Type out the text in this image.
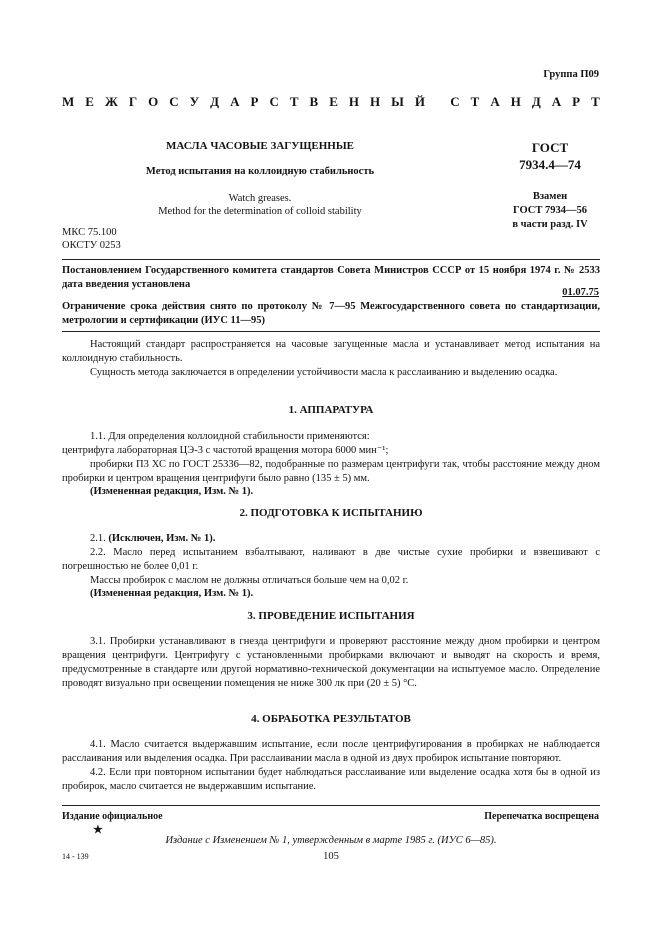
Группа П09
М Е Ж Г О С У Д А Р С Т В Е Н Н Ы Й
С Т А Н Д А Р Т
МАСЛА ЧАСОВЫЕ ЗАГУЩЕННЫЕ
Метод испытания на коллоидную стабильность
Watch greases.
Method for the determination of colloid stability
ГОСТ
7934.4—74
Взамен
ГОСТ 7934—56
в части разд. IV
МКС 75.100
ОКСТУ 0253
Постановлением Государственного комитета стандартов Совета Министров СССР от 15 ноября 1974 г. № 2533 дата введения установлена
01.07.75
Ограничение срока действия снято по протоколу № 7—95 Межгосударственного совета по стандартизации, метрологии и сертификации (ИУС 11—95)

Настоящий стандарт распространяется на часовые загущенные масла и устанавливает метод испытания на коллоидную стабильность.

Сущность метода заключается в определении устойчивости масла к расслаиванию и выделению осадка.

1. АППАРАТУРА

1.1. Для определения коллоидной стабильности применяются:

центрифуга лабораторная ЦЭ-3 с частотой вращения мотора 6000 мин⁻¹;

пробирки П3 ХС по ГОСТ 25336—82, подобранные по размерам центрифуги так, чтобы расстояние между дном пробирки и центром вращения центрифуги было равно (135 ± 5) мм.

(Измененная редакция, Изм. № 1).

2. ПОДГОТОВКА К ИСПЫТАНИЮ

2.1. (Исключен, Изм. № 1).

2.2. Масло перед испытанием взбалтывают, наливают в две чистые сухие пробирки и взвешивают с погрешностью не более 0,01 г.

Массы пробирок с маслом не должны отличаться больше чем на 0,02 г.

(Измененная редакция, Изм. № 1).

3. ПРОВЕДЕНИЕ ИСПЫТАНИЯ

3.1. Пробирки устанавливают в гнезда центрифуги и проверяют расстояние между дном пробирки и центром вращения центрифуги. Центрифугу с установленными пробирками включают и выводят на скорость и время, предусмотренные в стандарте или другой нормативно-технической документации на испытуемое масло. Определение проводят визуально при освещении помещения не ниже 300 лк при (20 ± 5) °С.

4. ОБРАБОТКА РЕЗУЛЬТАТОВ

4.1. Масло считается выдержавшим испытание, если после центрифугирования в пробирках не наблюдается расслаивания или выделения осадка. При расслаивании масла в одной из двух пробирок испытание повторяют.

4.2. Если при повторном испытании будет наблюдаться расслаивание или выделение осадка хотя бы в одной из пробирок, масло считается не выдержавшим испытание.

Издание официальное	Перепечатка воспрещена
★
Издание с Изменением № 1, утвержденным в марте 1985 г. (ИУС 6—85).
105
14 - 139
